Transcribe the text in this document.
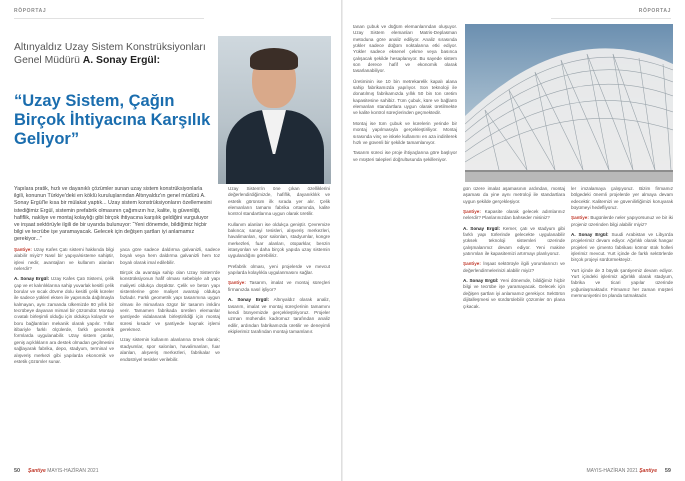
RÖPORTAJ
Altınyaldız Uzay Sistem Konstrüksiyonları Genel Müdürü A. Sonay Ergül:
“Uzay Sistem, Çağın Birçok İhtiyacına Karşılık Geliyor”
Yapılara pratik, hızlı ve dayanıklı çözümler sunan uzay sistem konstrüksiyonlarla ilgili, konunun Türkiye'deki en köklü kuruluşlarından Altınyaldız'ın genel müdürü A. Sonay Ergül'le kısa bir mülakat yaptık... Uzay sistem konstrüksiyonların özellemesini istediğimiz Ergül, sistemin prefabrik olmasının çağımızın hız, kalite, iş güvenliği, hafiflik, nakliye ve montaj kolaylığı gibi birçok ihtiyacına karşılık geldiğini vurguluyor ve inşaat sektörüyle ilgili de bir uyarıda bulunuyor: “Yeni dönemde, bildiğimiz hiçbir bilgi ve tecrübe işe yaramayacak. Gelecek için değişen şartları iyi anlamamız gerekiyor...”

Şantiye: Uzay Kafes Çatı sistemi hakkında bilgi alabilir miyiz? Nasıl bir yapıya/sisteme sahiptir, işlevi nedir, avantajları ve kullanım alanları nelerdir?

A. Sonay Ergül: Uzay Kafes Çatı Sistemi, çelik çap ve et kalınlıklarına sahip yuvarlak kesitli çelik borular ve sıcak dövme dolu kesitli çelik küreler ile sadece yükleri eksen ile yapısında dağılmayla kalmayan, aynı zamanda ülkemizde 80 yıllık bir tecrübeye dayanan mimari bir çözümdür. Montajı cıvatalı birleşimli olduğu için oldukça kolaydır ve boru bağlantıları mekanik olarak yapılır. Yıllar itibariyle farklı ölçülerde, farklı geometrik formlarda uygulanabilir. Uzay sistem çatılar, geniş açıklıkların ara destek olmadan geçilmesini sağlayarak fabrika, depo, stadyum, terminal ve alışveriş merkezi gibi yapılarda ekonomik ve estetik çözümler sunar.

yaca göre sadece daldırma galvanizli, sadece boyalı veya hem daldırma galvanizli hem toz boyalı olarak imal edilebilir.

Birçok da avantaja sahip olan Uzay Sistem'de konstrüksiyonun hafif olması sebebiyle alt yapı maliyeti oldukça düşüktür. Çelik ve beton yapı sistemlerine göre maliyet avantajı oldukça fazladır. Farklı geometrik yapı tasarımına uygun olması ile mimarlara özgür bir tasarım imkânı verir. Tamamen fabrikada üretilen elemanlar şantiyede vidalanarak birleştirildiği için montaj süresi kısadır ve şantiyede kaynak işlemi gerekmez.

Uzay sistemin kullanım alanlarına örnek olarak; stadyumlar, spor salonları, havalimanları, fuar alanları, alışveriş merkezleri, fabrikalar ve endüstriyel tesisler verilebilir.

Uzay Sistem'in öne çıkan özelliklerini değerlendirdiğimizde, hafiflik, dayanıklılık ve estetik görünüm ilk sırada yer alır. Çelik elemanların tamamı fabrika ortamında, kalite kontrol standartlarına uygun olarak üretilir.

Kullanım alanları ise oldukça geniştir. Çevremize bakınca; sanayi tesisleri, alışveriş merkezleri, havalimanları, spor salonları, stadyumlar, kongre merkezleri, fuar alanları, otoparklar, benzin istasyonları ve daha birçok yapıda uzay sistemin uygulandığını görebiliriz.

Prefabrik olması, yeni projelerde ve mevcut yapılarda kolaylıkla uygulanmasını sağlar.

Şantiye: Tasarım, imalat ve montaj süreçleri firmanızda nasıl işliyor?

A. Sonay Ergül: Altınyaldız olarak analiz, tasarım, imalat ve montaj süreçlerinin tamamını kendi bünyemizde gerçekleştiriyoruz. Projeler uzman mühendis kadromuz tarafından analiz edilir, ardından fabrikamızda üretilir ve deneyimli ekiplerimiz tarafından montajı tamamlanır.

50 Şantiye MAYIS-HAZİRAN 2021
RÖPORTAJ

tanan çubuk ve düğüm elemanlarından oluşuyor. Uzay Sistem elemanları Matris-Deplasman metoduna göre analiz ediliyor. Analiz sırasında yükler sadece düğüm noktalarına etki ediyor. Yükler sadece eksenel çekme veya basınca çalışacak şekilde hesaplanıyor. Bu sayede sistem son derece hafif ve ekonomik olarak tasarlanabiliyor.

Üretiminin ise 10 bin metrekarelik kapalı alana sahip fabrikamızda yapılıyor. Son teknoloji ile donatılmış fabrikamızda yıllık 50 bin ton üretim kapasitesine sahibiz. Tüm çubuk, küre ve bağlantı elemanları standartlara uygun olarak üretilmekte ve kalite kontrol süreçlerinden geçmektedir.

Montaj ise tüm çubuk ve kürelerin yerinde bir montaj yapılmasıyla gerçekleştiriliyor. Montaj sırasında vinç ve iskele kullanımı en aza indirilerek hızlı ve güvenli bir şekilde tamamlanıyor.

Tasarım süreci ise proje ihtiyaçlarına göre başlıyor ve müşteri talepleri doğrultusunda şekilleniyor.

gün üzere imalat aşamasının ardından, montaj aşaması da yine aynı metroloji ile standartlara uygun şekilde gerçekleşiyor.

Şantiye: Kapasite olarak gelecek adımlarınız nelerdir? Planlarınızdan bahseder misiniz?

A. Sonay Ergül: Kemer, çatı ve stadyum gibi farklı yapı türlerinde gelecekte uygulanabilir yüksek teknoloji sistemleri üzerinde çalışmalarımız devam ediyor. Yeni makine yatırımları ile kapasitemizi artırmayı planlıyoruz.

Şantiye: İnşaat sektörüyle ilgili yorumlarınızı ve değerlendirmelerinizi alabilir miyiz?

A. Sonay Ergül: Yeni dönemde, bildiğimiz hiçbir bilgi ve tecrübe işe yaramayacak. Gelecek için değişen şartları iyi anlamamız gerekiyor. Sektörün dijitalleşmesi ve sürdürülebilir çözümler ön plana çıkacak.

ler imzalamaya çalışıyoruz. Bizim firmamız bölgedeki önemli projelerde yer almaya devam edecektir. Kalitemizi ve güvenilirliğimizi koruyarak büyümeyi hedefliyoruz.

Şantiye: Bugünlerde neler yapıyorsunuz ve bir iki projeniz üzerinden bilgi alabilir miyiz?

A. Sonay Ergül: Suudi Arabistan ve Libya'da projelerimiz devam ediyor. Ağırlıklı olarak hangar projeleri ve çimento fabrikası kömür stok holleri işlerimiz mevcut. Yurt içinde de farklı sektörlerde birçok projeyi sürdürmekteyiz.

Yurt içinde de 3 büyük şantiyemiz devam ediyor. Yurt içindeki işlerimiz ağırlıklı olarak stadyum, fabrika ve ticari yapılar üzerinde yoğunlaşmaktadır. Firmamız her zaman müşteri memnuniyetini ön planda tutmaktadır.

MAYIS-HAZİRAN 2021 Şantiye 59
